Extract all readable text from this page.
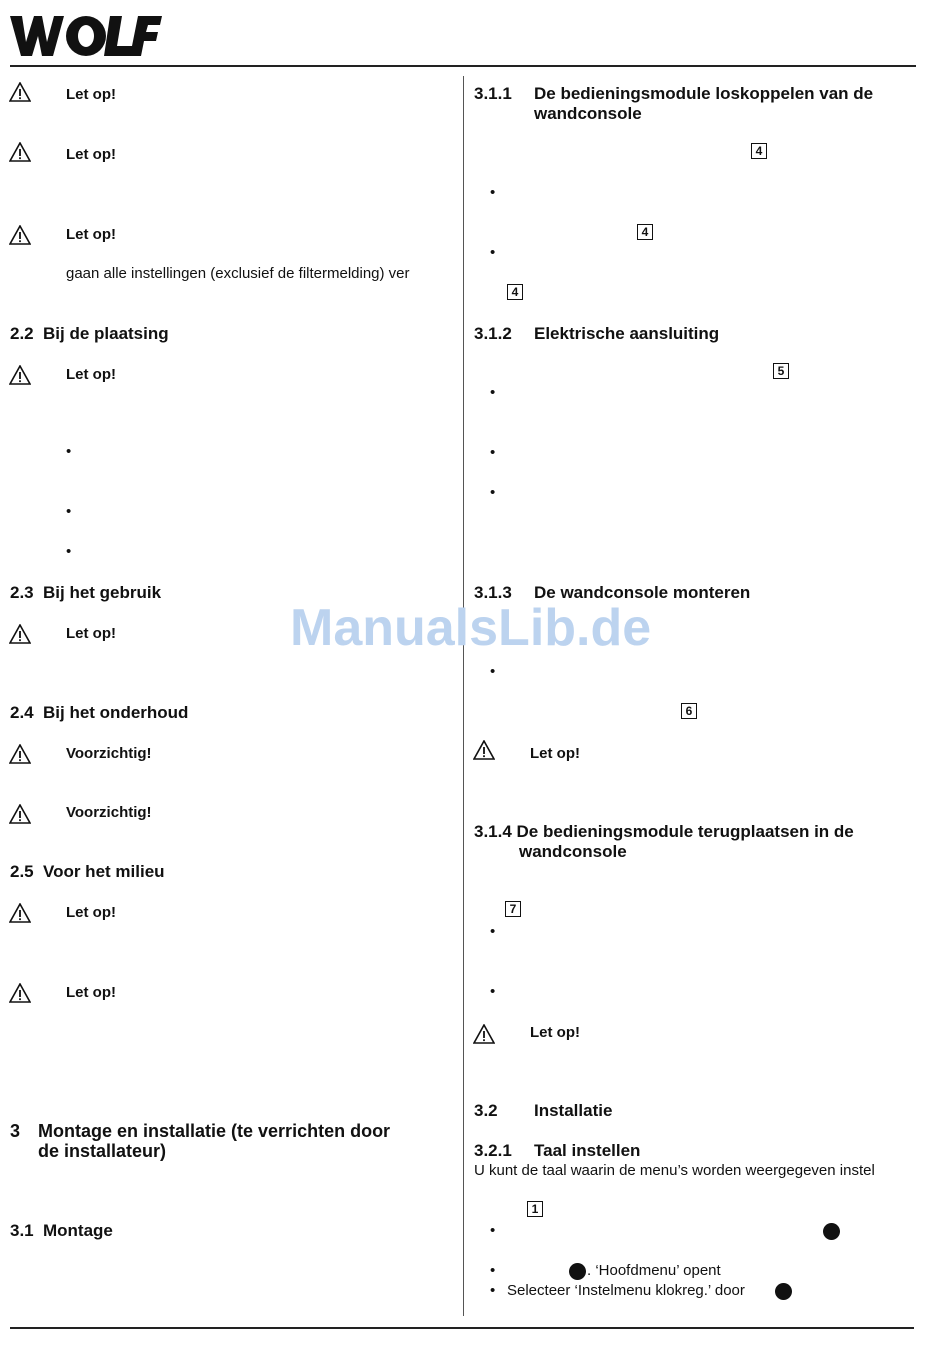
ManualsLib.de
Let op!
Let op!
Let op!
gaan alle instellingen (exclusief de filtermelding) ver
2.2 Bij de plaatsing
Let op!
•
•
•
2.3 Bij het gebruik
Let op!
2.4 Bij het onderhoud
Voorzichtig!
Voorzichtig!
2.5 Voor het milieu
Let op!
Let op!
3 Montage en installatie (te verrichten door
de installateur)
3.1 Montage
3.1.1 De bedieningsmodule loskoppelen van de
wandconsole
4
•
4
•
4
3.1.2 Elektrische aansluiting
5
•
•
•
3.1.3 De wandconsole monteren
•
6
Let op!
3.1.4 De bedieningsmodule terugplaatsen in de
wandconsole
7
•
•
Let op!
3.2 Installatie
3.2.1 Taal instellen
U kunt de taal waarin de menu’s worden weergegeven instel
1
•
•	. ‘Hoofdmenu’ opent
• Selecteer ‘Instelmenu klokreg.’ door
